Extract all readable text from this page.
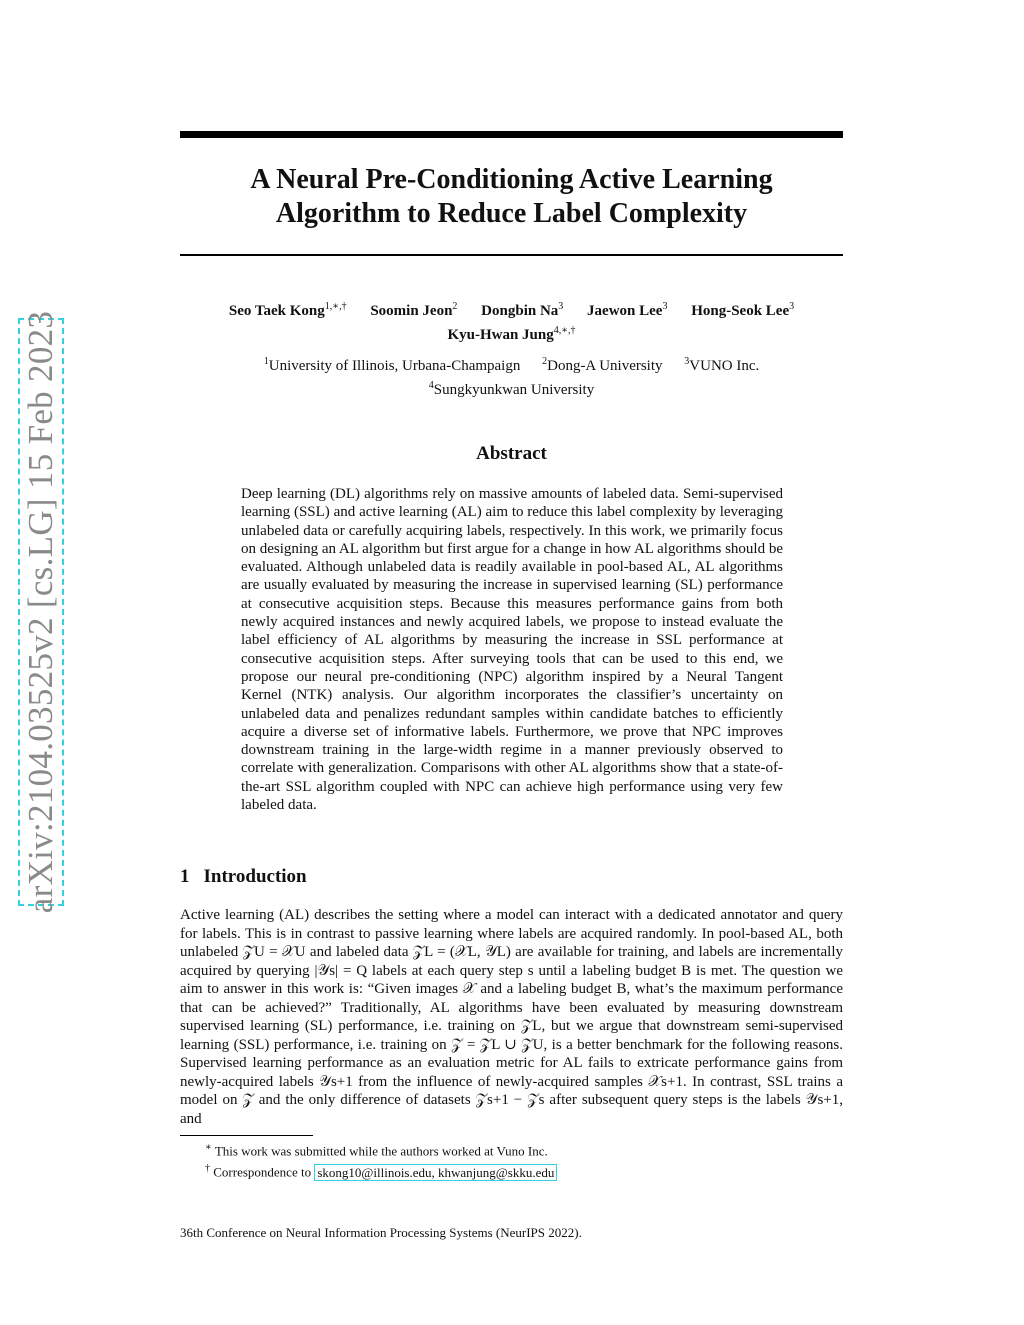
arXiv:2104.03525v2 [cs.LG] 15 Feb 2023
A Neural Pre-Conditioning Active Learning
Algorithm to Reduce Label Complexity
Seo Taek Kong$^{1,∗,\dagger}$ Soomin Jeon$^2$ Dongbin Na$^3$ Jaewon Lee$^3$ Hong-Seok Lee$^3$
Kyu-Hwan Jung$^{4,∗,\dagger}$
$^1$University of Illinois, Urbana-Champaign $^2$Dong-A University $^3$VUNO Inc.
$^4$Sungkyunkwan University
Abstract
Deep learning (DL) algorithms rely on massive amounts of labeled data. Semi-supervised learning (SSL) and active learning (AL) aim to reduce this label complexity by leveraging unlabeled data or carefully acquiring labels, respectively. In this work, we primarily focus on designing an AL algorithm but first argue for a change in how AL algorithms should be evaluated. Although unlabeled data is readily available in pool-based AL, AL algorithms are usually evaluated by measuring the increase in supervised learning (SL) performance at consecutive acquisition steps. Because this measures performance gains from both newly acquired instances and newly acquired labels, we propose to instead evaluate the label efficiency of AL algorithms by measuring the increase in SSL performance at consecutive acquisition steps. After surveying tools that can be used to this end, we propose our neural pre-conditioning (NPC) algorithm inspired by a Neural Tangent Kernel (NTK) analysis. Our algorithm incorporates the classifier’s uncertainty on unlabeled data and penalizes redundant samples within candidate batches to efficiently acquire a diverse set of informative labels. Furthermore, we prove that NPC improves downstream training in the large-width regime in a manner previously observed to correlate with generalization. Comparisons with other AL algorithms show that a state-of-the-art SSL algorithm coupled with NPC can achieve high performance using very few labeled data.
1 Introduction
Active learning (AL) describes the setting where a model can interact with a dedicated annotator and query for labels. This is in contrast to passive learning where labels are acquired randomly. In pool-based AL, both unlabeled 𝒵U = 𝒳U and labeled data 𝒵L = (𝒳L, 𝒴L) are available for training, and labels are incrementally acquired by querying |𝒴s| = Q labels at each query step s until a labeling budget B is met. The question we aim to answer in this work is: “Given images 𝒳 and a labeling budget B, what’s the maximum performance that can be achieved?” Traditionally, AL algorithms have been evaluated by measuring downstream supervised learning (SL) performance, i.e. training on 𝒵L, but we argue that downstream semi-supervised learning (SSL) performance, i.e. training on 𝒵 = 𝒵L ∪ 𝒵U, is a better benchmark for the following reasons. Supervised learning performance as an evaluation metric for AL fails to extricate performance gains from newly-acquired labels 𝒴s+1 from the influence of newly-acquired samples 𝒳s+1. In contrast, SSL trains a model on 𝒵 and the only difference of datasets 𝒵s+1 − 𝒵s after subsequent query steps is the labels 𝒴s+1, and
∗ This work was submitted while the authors worked at Vuno Inc.
† Correspondence to skong10@illinois.edu, khwanjung@skku.edu
36th Conference on Neural Information Processing Systems (NeurIPS 2022).
